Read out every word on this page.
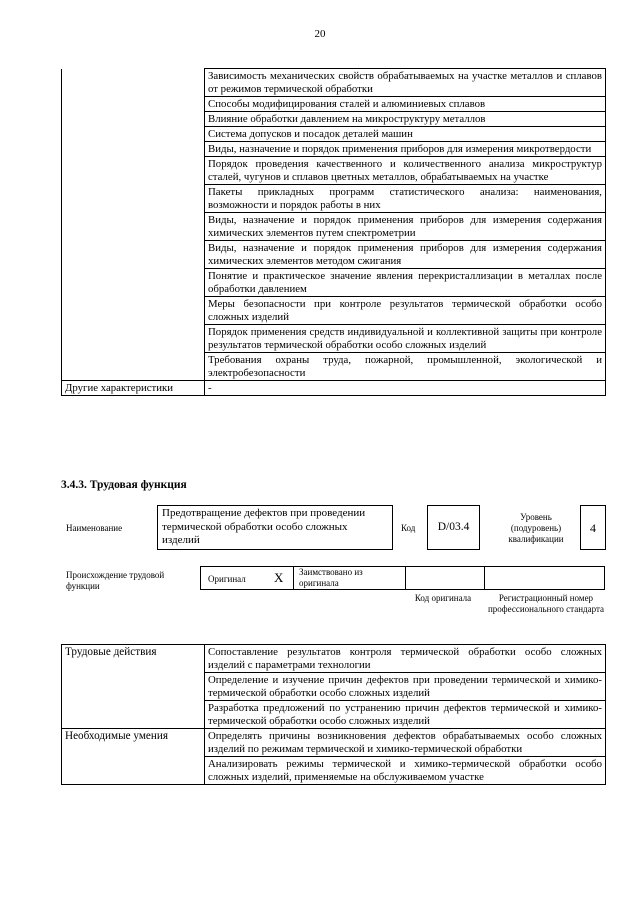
20
	Зависимость механических свойств обрабатываемых на участке металлов и сплавов от режимов термической обработки
	Способы модифицирования сталей и алюминиевых сплавов
	Влияние обработки давлением на микроструктуру металлов
	Система допусков и посадок деталей машин
	Виды, назначение и порядок применения приборов для измерения микротвердости
	Порядок проведения качественного и количественного анализа микроструктур сталей, чугунов и сплавов цветных металлов, обрабатываемых на участке
	Пакеты прикладных программ статистического анализа: наименования, возможности и порядок работы в них
	Виды, назначение и порядок применения приборов для измерения содержания химических элементов путем спектрометрии
	Виды, назначение и порядок применения приборов для измерения содержания химических элементов методом сжигания
	Понятие и практическое значение явления перекристаллизации в металлах после обработки давлением
	Меры безопасности при контроле результатов термической обработки особо сложных изделий
	Порядок применения средств индивидуальной и коллективной защиты при контроле результатов термической обработки особо сложных изделий
	Требования охраны труда, пожарной, промышленной, экологической и электробезопасности
Другие характеристики	-
3.4.3. Трудовая функция
Наименование
Предотвращение дефектов при проведении термической обработки особо сложных изделий
Код	D/03.4
Уровень (подуровень) квалификации
4
Происхождение трудовой функции
Оригинал X Заимствовано из оригинала
Код оригинала	Регистрационный номер профессионального стандарта
Трудовые действия	Сопоставление результатов контроля термической обработки особо сложных изделий с параметрами технологии
	Определение и изучение причин дефектов при проведении термической и химико-термической обработки особо сложных изделий
	Разработка предложений по устранению причин дефектов термической и химико-термической обработки особо сложных изделий
Необходимые умения	Определять причины возникновения дефектов обрабатываемых особо сложных изделий по режимам термической и химико-термической обработки
	Анализировать режимы термической и химико-термической обработки особо сложных изделий, применяемые на обслуживаемом участке
